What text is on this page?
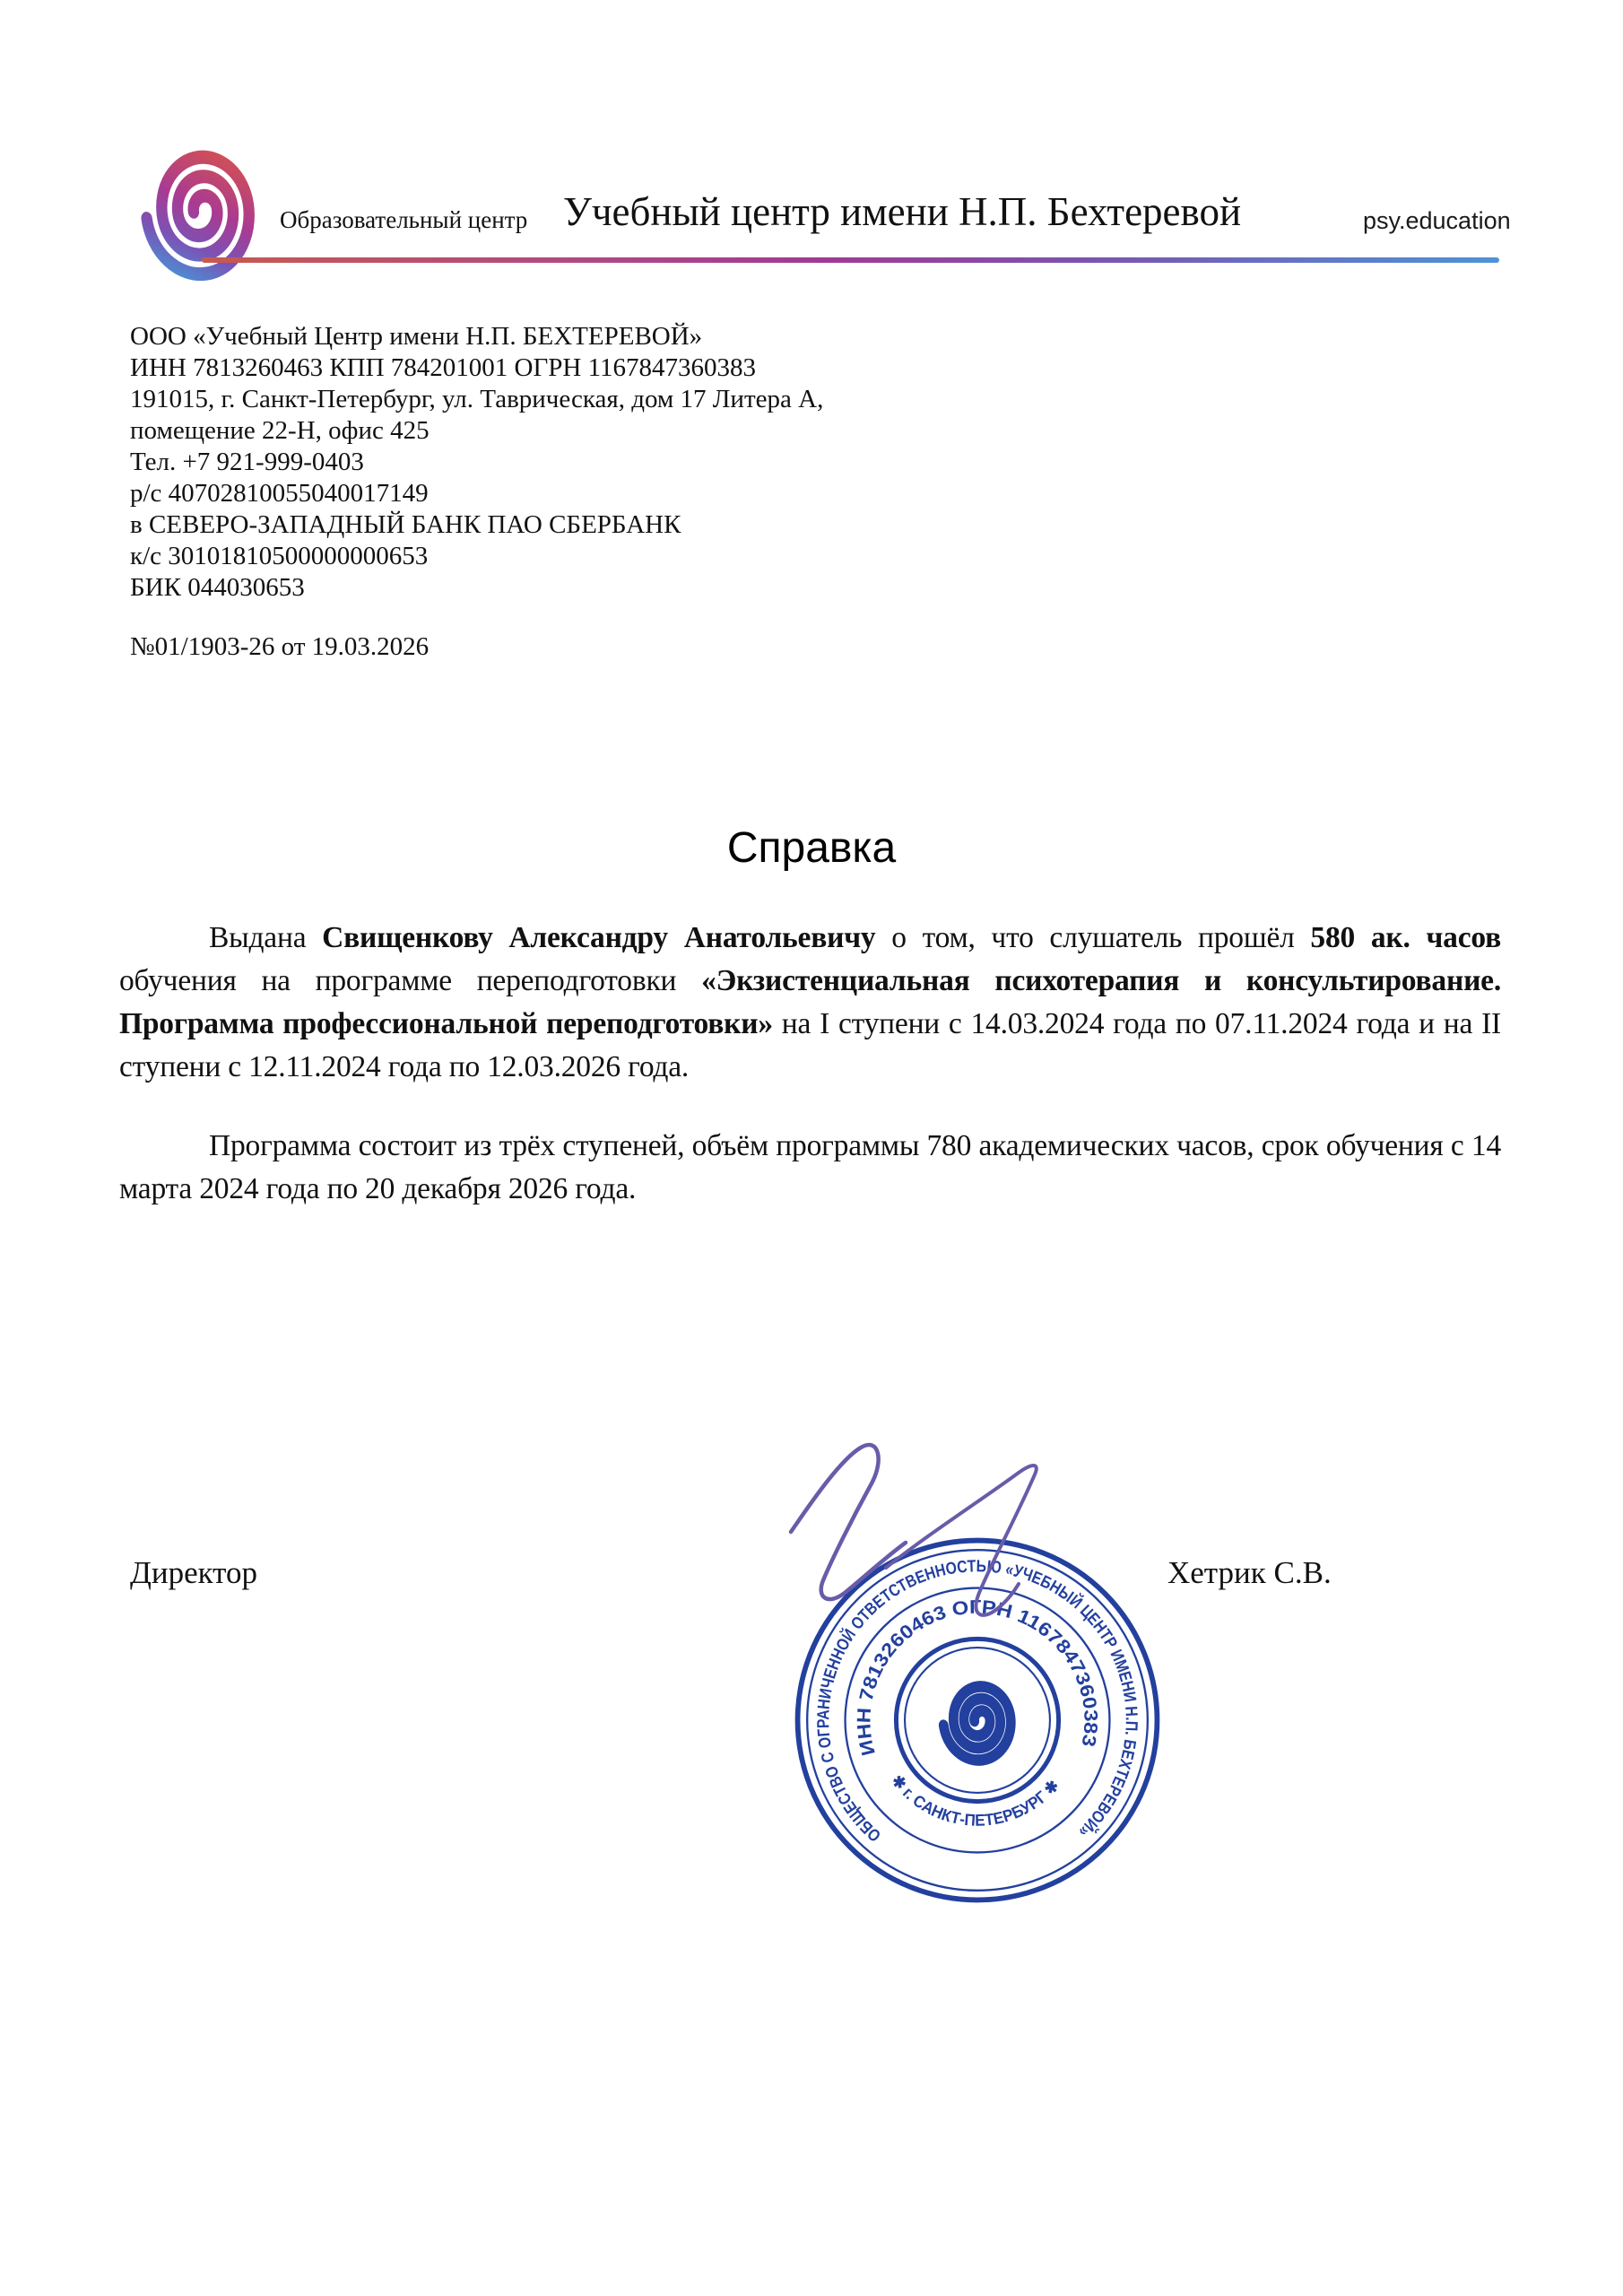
Образовательный центр Учебный центр имени Н.П. Бехтеревой	psy.education
ООО «Учебный Центр имени Н.П. БЕХТЕРЕВОЙ»
ИНН 7813260463 КПП 784201001 ОГРН 1167847360383
191015, г. Санкт-Петербург, ул. Таврическая, дом 17 Литера А,
помещение 22-Н, офис 425
Тел. +7 921-999-0403
р/с 40702810055040017149
в СЕВЕРО-ЗАПАДНЫЙ БАНК ПАО СБЕРБАНК
к/с 30101810500000000653
БИК 044030653
№01/1903-26 от 19.03.2026
Справка

Выдана Свищенкову Александру Анатольевичу о том, что слушатель прошёл 580 ак. часов обучения на программе переподготовки «Экзистенциальная психотерапия и консультирование. Программа профессиональной переподготовки» на I ступени с 14.03.2024 года по 07.11.2024 года и на II ступени с 12.11.2024 года по 12.03.2026 года.

Программа состоит из трёх ступеней, объём программы 780 академических часов, срок обучения с 14 марта 2024 года по 20 декабря 2026 года.

Директор	Хетрик С.В.
ОБЩЕСТВО С ОГРАНИЧЕННОЙ ОТВЕТСТВЕННОСТЬЮ «УЧЕБНЫЙ ЦЕНТР ИМЕНИ Н.П. БЕХТЕРЕВОЙ»
ИНН 7813260463 ОГРН 1167847360383
✱ г. САНКТ-ПЕТЕРБУРГ ✱
